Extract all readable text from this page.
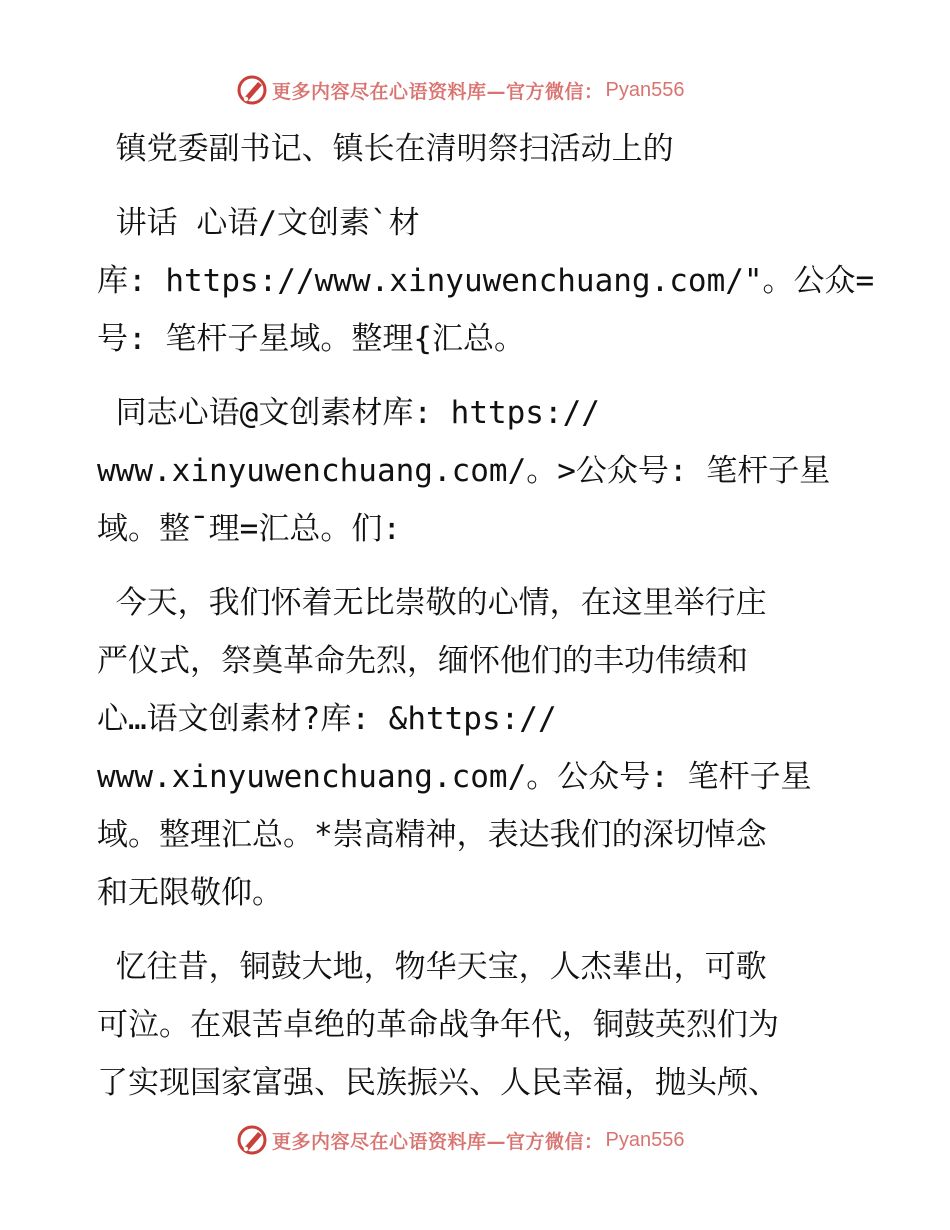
更多内容尽在心语资料库—官方微信： Pyan556
镇党委副书记、镇长在清明祭扫活动上的
讲话 心语/文创素`材
库: https://www.xinyuwenchuang.com/"。公众=
号: 笔杆子星域。整理{汇总。
同志心语@文创素材库: https://
www.xinyuwenchuang.com/。>公众号: 笔杆子星
域。整¯理=汇总。们:
今天，我们怀着无比崇敬的心情，在这里举行庄
严仪式，祭奠革命先烈，缅怀他们的丰功伟绩和
心…语文创素材?库: &https://
www.xinyuwenchuang.com/。公众号: 笔杆子星
域。整理汇总。*崇高精神，表达我们的深切悼念
和无限敬仰。
忆往昔，铜鼓大地，物华天宝，人杰辈出，可歌
可泣。在艰苦卓绝的革命战争年代，铜鼓英烈们为
了实现国家富强、民族振兴、人民幸福，抛头颅、
更多内容尽在心语资料库—官方微信： Pyan556
